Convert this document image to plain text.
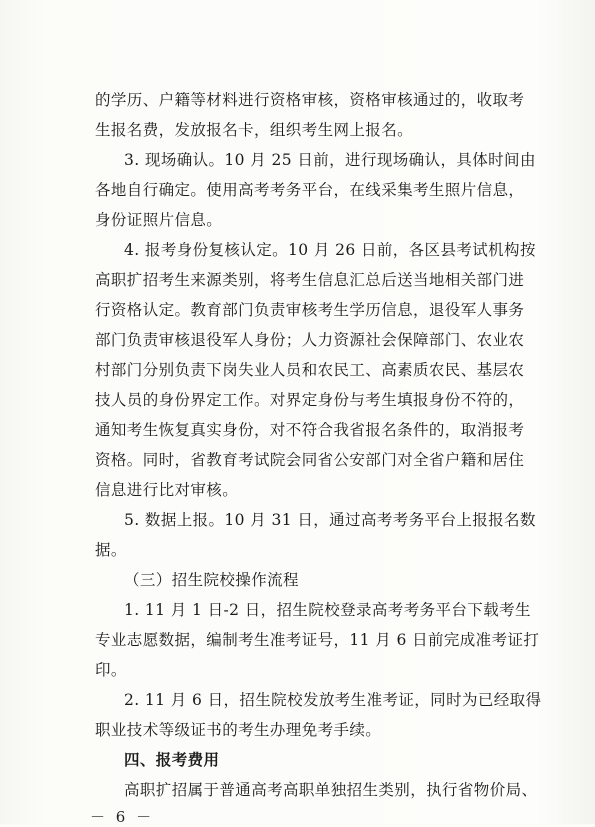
的学历、户籍等材料进行资格审核，资格审核通过的，收取考
生报名费，发放报名卡，组织考生网上报名。
3. 现场确认。10 月 25 日前，进行现场确认，具体时间由
各地自行确定。使用高考考务平台，在线采集考生照片信息，
身份证照片信息。
4. 报考身份复核认定。10 月 26 日前，各区县考试机构按
高职扩招考生来源类别，将考生信息汇总后送当地相关部门进
行资格认定。教育部门负责审核考生学历信息，退役军人事务
部门负责审核退役军人身份；人力资源社会保障部门、农业农
村部门分别负责下岗失业人员和农民工、高素质农民、基层农
技人员的身份界定工作。对界定身份与考生填报身份不符的，
通知考生恢复真实身份，对不符合我省报名条件的，取消报考
资格。同时，省教育考试院会同省公安部门对全省户籍和居住
信息进行比对审核。
5. 数据上报。10 月 31 日，通过高考考务平台上报报名数
据。
（三）招生院校操作流程
1. 11 月 1 日-2 日，招生院校登录高考考务平台下载考生
专业志愿数据，编制考生准考证号，11 月 6 日前完成准考证打
印。
2. 11 月 6 日，招生院校发放考生准考证，同时为已经取得
职业技术等级证书的考生办理免考手续。
四、报考费用
高职扩招属于普通高考高职单独招生类别，执行省物价局、
－ 6 －
